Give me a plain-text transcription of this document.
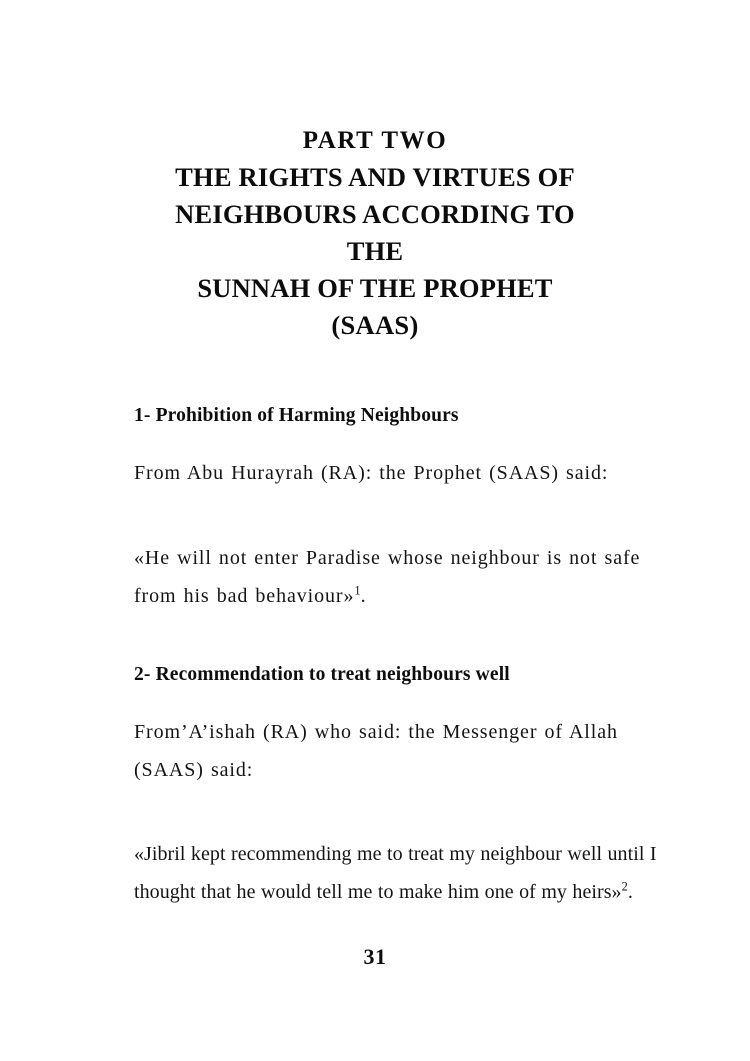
PART TWO
THE RIGHTS AND VIRTUES OF
NEIGHBOURS ACCORDING TO
THE
SUNNAH OF THE PROPHET
(SAAS)
1- Prohibition of Harming Neighbours

From Abu Hurayrah (RA): the Prophet (SAAS) said:

«He will not enter Paradise whose neighbour is not safe from his bad behaviour»$^1$.

2- Recommendation to treat neighbours well

From’A’ishah (RA) who said: the Messenger of Allah (SAAS) said:

«Jibril kept recommending me to treat my neighbour well until I thought that he would tell me to make him one of my heirs»$^2$.

31
